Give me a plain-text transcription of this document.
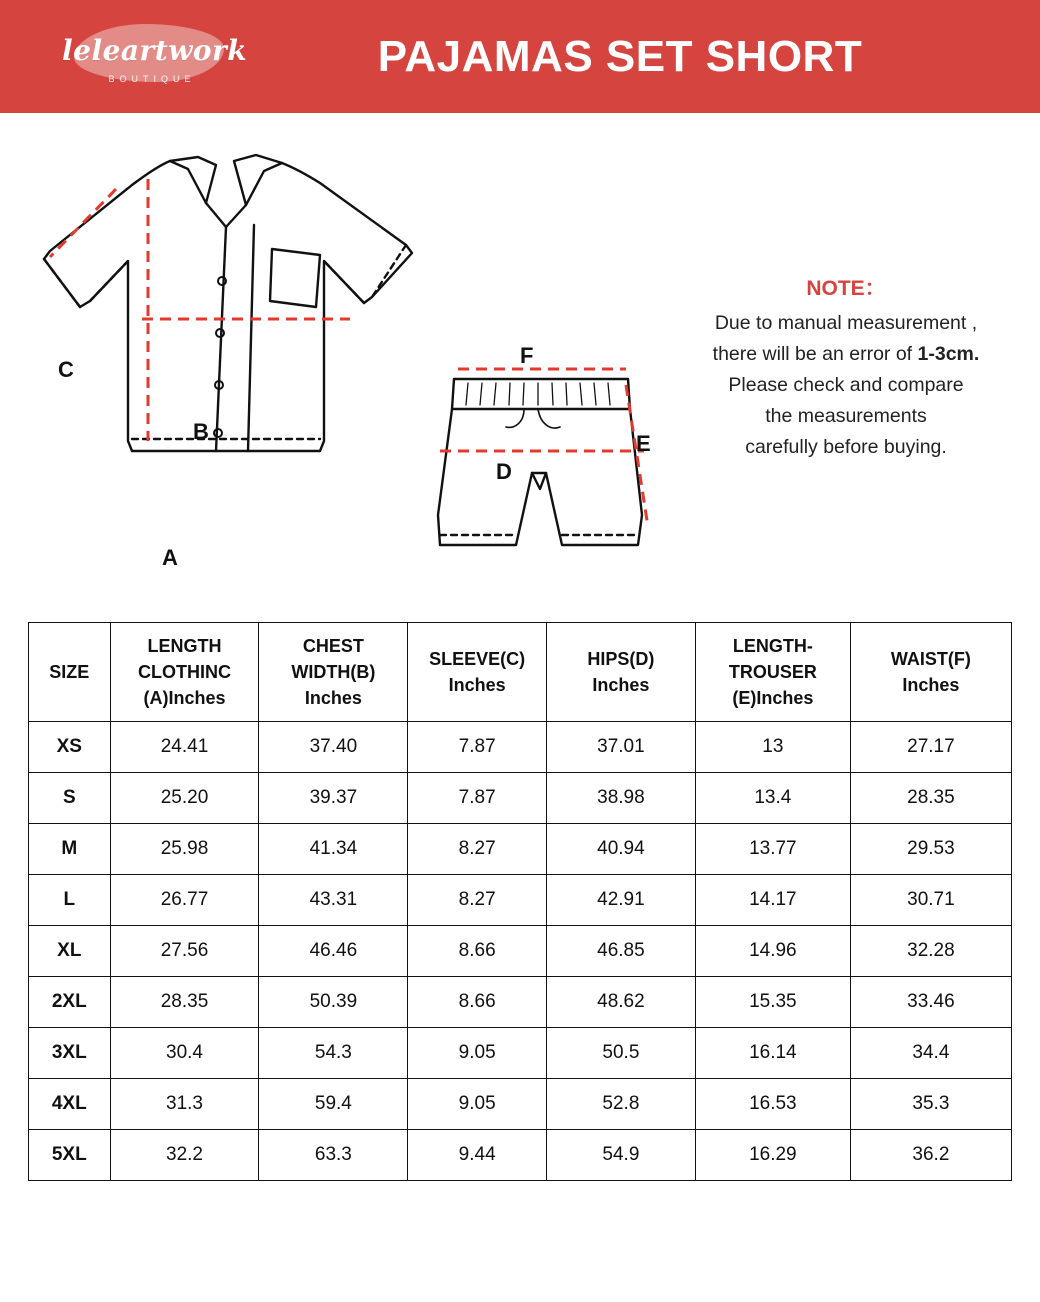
leleartwork
BOUTIQUE	PAJAMAS SET SHORT
A
B
C
D
E
F
NOTE：
Due to manual measurement ,
there will be an error of 1-3cm.
Please check and compare
the measurements
carefully before buying.
SIZE	LENGTH
CLOTHINC
(A)Inches	CHEST
WIDTH(B)
Inches	SLEEVE(C)
Inches	HIPS(D)
Inches	LENGTH-
TROUSER
(E)Inches	WAIST(F)
Inches
XS	24.41	37.40	7.87	37.01	13	27.17
S	25.20	39.37	7.87	38.98	13.4	28.35
M	25.98	41.34	8.27	40.94	13.77	29.53
L	26.77	43.31	8.27	42.91	14.17	30.71
XL	27.56	46.46	8.66	46.85	14.96	32.28
2XL	28.35	50.39	8.66	48.62	15.35	33.46
3XL	30.4	54.3	9.05	50.5	16.14	34.4
4XL	31.3	59.4	9.05	52.8	16.53	35.3
5XL	32.2	63.3	9.44	54.9	16.29	36.2
